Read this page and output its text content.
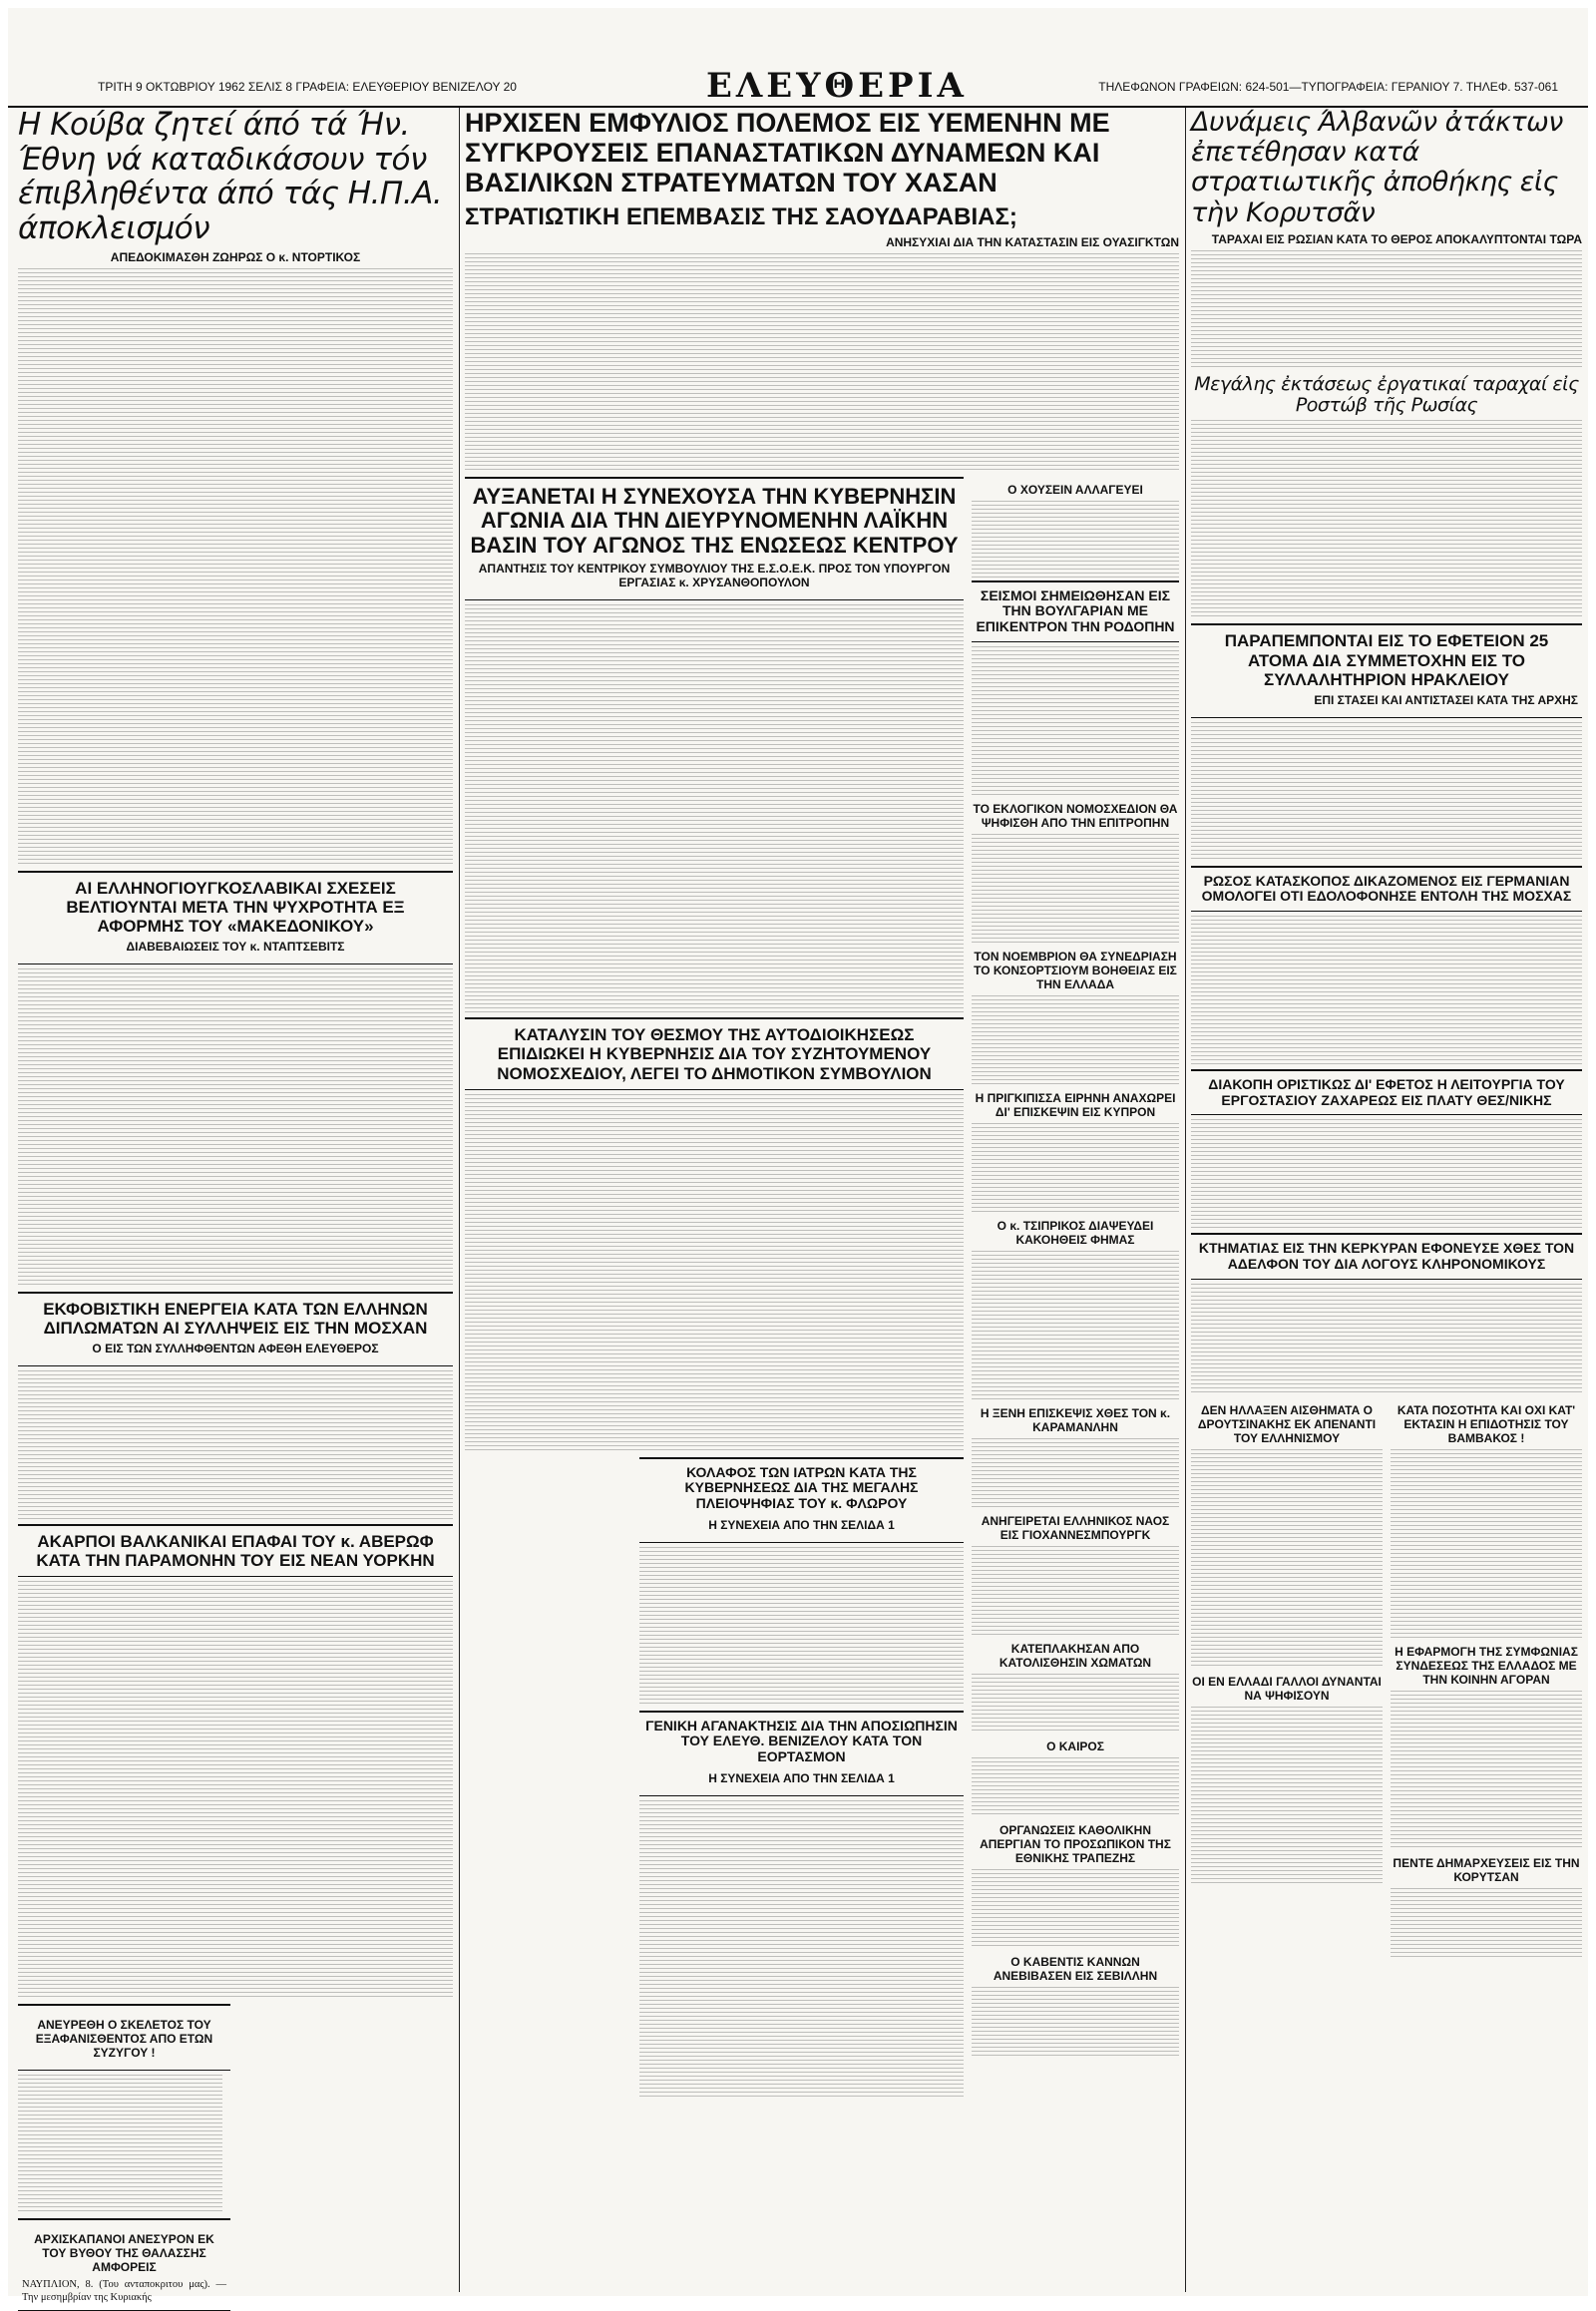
ΤΡΙΤΗ 9 ΟΚΤΩΒΡΙΟΥ 1962 ΣΕΛΙΣ 8 ΓΡΑΦΕΙΑ: ΕΛΕΥΘΕΡΙΟΥ ΒΕΝΙΖΕΛΟΥ 20	ΕΛΕΥΘΕΡΙΑ	ΤΗΛΕΦΩΝΟΝ ΓΡΑΦΕΙΩΝ: 624-501—ΤΥΠΟΓΡΑΦΕΙΑ: ΓΕΡΑΝΙΟΥ 7. ΤΗΛΕΦ. 537-061
Η Κούβα ζητεί άπό τά Ήν. Έθνη νά καταδικάσουν τόν έπιβληθέντα άπό τάς Η.Π.Α. άποκλεισμόν
ΑΠΕΔΟΚΙΜΑΣΘΗ ΖΩΗΡΩΣ Ο κ. ΝΤΟΡΤΙΚΟΣ
ΑΙ ΕΛΛΗΝΟΓΙΟΥΓΚΟΣΛΑΒΙΚΑΙ ΣΧΕΣΕΙΣ ΒΕΛΤΙΟΥΝΤΑΙ ΜΕΤΑ ΤΗΝ ΨΥΧΡΟΤΗΤΑ ΕΞ ΑΦΟΡΜΗΣ ΤΟΥ «ΜΑΚΕΔΟΝΙΚΟΥ»
ΔΙΑΒΕΒΑΙΩΣΕΙΣ ΤΟΥ κ. ΝΤΑΠΤΣΕΒΙΤΣ
ΕΚΦΟΒΙΣΤΙΚΗ ΕΝΕΡΓΕΙΑ ΚΑΤΑ ΤΩΝ ΕΛΛΗΝΩΝ ΔΙΠΛΩΜΑΤΩΝ ΑΙ ΣΥΛΛΗΨΕΙΣ ΕΙΣ ΤΗΝ ΜΟΣΧΑΝ
Ο ΕΙΣ ΤΩΝ ΣΥΛΛΗΦΘΕΝΤΩΝ ΑΦΕΘΗ ΕΛΕΥΘΕΡΟΣ
ΑΚΑΡΠΟΙ ΒΑΛΚΑΝΙΚΑΙ ΕΠΑΦΑΙ ΤΟΥ κ. ΑΒΕΡΩΦ ΚΑΤΑ ΤΗΝ ΠΑΡΑΜΟΝΗΝ ΤΟΥ ΕΙΣ ΝΕΑΝ ΥΟΡΚΗΝ
ΑΝΕΥΡΕΘΗ Ο ΣΚΕΛΕΤΟΣ ΤΟΥ ΕΞΑΦΑΝΙΣΘΕΝΤΟΣ ΑΠΟ ΕΤΩΝ ΣΥΖΥΓΟΥ !
ΑΡΧΙΣΚΑΠΑΝΟΙ ΑΝΕΣΥΡΟΝ ΕΚ ΤΟΥ ΒΥΘΟΥ ΤΗΣ ΘΑΛΑΣΣΗΣ ΑΜΦΟΡΕΙΣ

ΝΑΥΠΛΙΟΝ, 8. (Του ανταποκριτου μας). — Την μεσημβρίαν της Κυριακής

ΗΡΧΙΣΕΝ ΕΜΦΥΛΙΟΣ ΠΟΛΕΜΟΣ ΕΙΣ ΥΕΜΕΝΗΝ ΜΕ ΣΥΓΚΡΟΥΣΕΙΣ ΕΠΑΝΑΣΤΑΤΙΚΩΝ ΔΥΝΑΜΕΩΝ ΚΑΙ ΒΑΣΙΛΙΚΩΝ ΣΤΡΑΤΕΥΜΑΤΩΝ ΤΟΥ ΧΑΣΑΝ
ΣΤΡΑΤΙΩΤΙΚΗ ΕΠΕΜΒΑΣΙΣ ΤΗΣ ΣΑΟΥΔΑΡΑΒΙΑΣ;
ΑΝΗΣΥΧΙΑΙ ΔΙΑ ΤΗΝ ΚΑΤΑΣΤΑΣΙΝ ΕΙΣ ΟΥΑΣΙΓΚΤΩΝ
ΑΥΞΑΝΕΤΑΙ Η ΣΥΝΕΧΟΥΣΑ ΤΗΝ ΚΥΒΕΡΝΗΣΙΝ ΑΓΩΝΙΑ ΔΙΑ ΤΗΝ ΔΙΕΥΡΥΝΟΜΕΝΗΝ ΛΑΪΚΗΝ ΒΑΣΙΝ ΤΟΥ ΑΓΩΝΟΣ ΤΗΣ ΕΝΩΣΕΩΣ ΚΕΝΤΡΟΥ
ΑΠΑΝΤΗΣΙΣ ΤΟΥ ΚΕΝΤΡΙΚΟΥ ΣΥΜΒΟΥΛΙΟΥ ΤΗΣ Ε.Σ.Ο.Ε.Κ. ΠΡΟΣ ΤΟΝ ΥΠΟΥΡΓΟΝ ΕΡΓΑΣΙΑΣ κ. ΧΡΥΣΑΝΘΟΠΟΥΛΟΝ
ΚΑΤΑΛΥΣΙΝ ΤΟΥ ΘΕΣΜΟΥ ΤΗΣ ΑΥΤΟΔΙΟΙΚΗΣΕΩΣ ΕΠΙΔΙΩΚΕΙ Η ΚΥΒΕΡΝΗΣΙΣ ΔΙΑ ΤΟΥ ΣΥΖΗΤΟΥΜΕΝΟΥ ΝΟΜΟΣΧΕΔΙΟΥ, ΛΕΓΕΙ ΤΟ ΔΗΜΟΤΙΚΟΝ ΣΥΜΒΟΥΛΙΟΝ
ΚΟΛΑΦΟΣ ΤΩΝ ΙΑΤΡΩΝ ΚΑΤΑ ΤΗΣ ΚΥΒΕΡΝΗΣΕΩΣ ΔΙΑ ΤΗΣ ΜΕΓΑΛΗΣ ΠΛΕΙΟΨΗΦΙΑΣ ΤΟΥ κ. ΦΛΩΡΟΥ
Η ΣΥΝΕΧΕΙΑ ΑΠΟ ΤΗΝ ΣΕΛΙΔΑ 1
ΓΕΝΙΚΗ ΑΓΑΝΑΚΤΗΣΙΣ ΔΙΑ ΤΗΝ ΑΠΟΣΙΩΠΗΣΙΝ ΤΟΥ ΕΛΕΥΘ. ΒΕΝΙΖΕΛΟΥ ΚΑΤΑ ΤΟΝ ΕΟΡΤΑΣΜΟΝ
Η ΣΥΝΕΧΕΙΑ ΑΠΟ ΤΗΝ ΣΕΛΙΔΑ 1
Ο ΧΟΥΣΕΙΝ ΑΛΛΑΓΕΥΕΙ
ΣΕΙΣΜΟΙ ΣΗΜΕΙΩΘΗΣΑΝ ΕΙΣ ΤΗΝ ΒΟΥΛΓΑΡΙΑΝ ΜΕ ΕΠΙΚΕΝΤΡΟΝ ΤΗΝ ΡΟΔΟΠΗΝ
ΤΟ ΕΚΛΟΓΙΚΟΝ ΝΟΜΟΣΧΕΔΙΟΝ ΘΑ ΨΗΦΙΣΘΗ ΑΠΟ ΤΗΝ ΕΠΙΤΡΟΠΗΝ
ΤΟΝ ΝΟΕΜΒΡΙΟΝ ΘΑ ΣΥΝΕΔΡΙΑΣΗ ΤΟ ΚΟΝΣΟΡΤΣΙΟΥΜ ΒΟΗΘΕΙΑΣ ΕΙΣ ΤΗΝ ΕΛΛΑΔΑ
Η ΠΡΙΓΚΙΠΙΣΣΑ ΕΙΡΗΝΗ ΑΝΑΧΩΡΕΙ ΔΙ' ΕΠΙΣΚΕΨΙΝ ΕΙΣ ΚΥΠΡΟΝ
Ο κ. ΤΣΙΠΡΙΚΟΣ ΔΙΑΨΕΥΔΕΙ ΚΑΚΟΗΘΕΙΣ ΦΗΜΑΣ
Η ΞΕΝΗ ΕΠΙΣΚΕΨΙΣ ΧΘΕΣ ΤΟΝ κ. ΚΑΡΑΜΑΝΛΗΝ
ΑΝΗΓΕΙΡΕΤΑΙ ΕΛΛΗΝΙΚΟΣ ΝΑΟΣ ΕΙΣ ΓΙΟΧΑΝΝΕΣΜΠΟΥΡΓΚ
ΚΑΤΕΠΛΑΚΗΣΑΝ ΑΠΟ ΚΑΤΟΛΙΣΘΗΣΙΝ ΧΩΜΑΤΩΝ
Ο ΚΑΙΡΟΣ
ΟΡΓΑΝΩΣΕΙΣ ΚΑΘΟΛΙΚΗΝ ΑΠΕΡΓΙΑΝ ΤΟ ΠΡΟΣΩΠΙΚΟΝ ΤΗΣ ΕΘΝΙΚΗΣ ΤΡΑΠΕΖΗΣ
Ο ΚΑΒΕΝΤΙΣ ΚΑΝΝΩΝ ΑΝΕΒΙΒΑΣΕΝ ΕΙΣ ΣΕΒΙΛΛΗΝ
Δυνάμεις Άλβανῶν ἀτάκτων ἐπετέθησαν κατά στρατιωτικῆς ἀποθήκης εἰς τὴν Κορυτσᾶν
ΤΑΡΑΧΑΙ ΕΙΣ ΡΩΣΙΑΝ ΚΑΤΑ ΤΟ ΘΕΡΟΣ ΑΠΟΚΑΛΥΠΤΟΝΤΑΙ ΤΩΡΑ
Μεγάλης ἐκτάσεως ἐργατικαί ταραχαί εἰς Ροστώβ τῆς Ρωσίας
ΠΑΡΑΠΕΜΠΟΝΤΑΙ ΕΙΣ ΤΟ ΕΦΕΤΕΙΟΝ 25 ΑΤΟΜΑ ΔΙΑ ΣΥΜΜΕΤΟΧΗΝ ΕΙΣ ΤΟ ΣΥΛΛΑΛΗΤΗΡΙΟΝ ΗΡΑΚΛΕΙΟΥ
ΕΠΙ ΣΤΑΣΕΙ ΚΑΙ ΑΝΤΙΣΤΑΣΕΙ ΚΑΤΑ ΤΗΣ ΑΡΧΗΣ
ΡΩΣΟΣ ΚΑΤΑΣΚΟΠΟΣ ΔΙΚΑΖΟΜΕΝΟΣ ΕΙΣ ΓΕΡΜΑΝΙΑΝ ΟΜΟΛΟΓΕΙ ΟΤΙ ΕΔΟΛΟΦΟΝΗΣΕ ΕΝΤΟΛΗ ΤΗΣ ΜΟΣΧΑΣ
ΔΙΑΚΟΠΗ ΟΡΙΣΤΙΚΩΣ ΔΙ' ΕΦΕΤΟΣ Η ΛΕΙΤΟΥΡΓΙΑ ΤΟΥ ΕΡΓΟΣΤΑΣΙΟΥ ΖΑΧΑΡΕΩΣ ΕΙΣ ΠΛΑΤΥ ΘΕΣ/ΝΙΚΗΣ
ΚΤΗΜΑΤΙΑΣ ΕΙΣ ΤΗΝ ΚΕΡΚΥΡΑΝ ΕΦΟΝΕΥΣΕ ΧΘΕΣ ΤΟΝ ΑΔΕΛΦΟΝ ΤΟΥ ΔΙΑ ΛΟΓΟΥΣ ΚΛΗΡΟΝΟΜΙΚΟΥΣ
ΔΕΝ ΗΛΛΑΞΕΝ ΑΙΣΘΗΜΑΤΑ Ο ΔΡΟΥΤΣΙΝΑΚΗΣ ΕΚ ΑΠΕΝΑΝΤΙ ΤΟΥ ΕΛΛΗΝΙΣΜΟΥ
ΟΙ ΕΝ ΕΛΛΑΔΙ ΓΑΛΛΟΙ ΔΥΝΑΝΤΑΙ ΝΑ ΨΗΦΙΣΟΥΝ
ΚΑΤΑ ΠΟΣΟΤΗΤΑ ΚΑΙ ΟΧΙ ΚΑΤ' ΕΚΤΑΣΙΝ Η ΕΠΙΔΟΤΗΣΙΣ ΤΟΥ ΒΑΜΒΑΚΟΣ !
Η ΕΦΑΡΜΟΓΗ ΤΗΣ ΣΥΜΦΩΝΙΑΣ ΣΥΝΔΕΣΕΩΣ ΤΗΣ ΕΛΛΑΔΟΣ ΜΕ ΤΗΝ ΚΟΙΝΗΝ ΑΓΟΡΑΝ
ΠΕΝΤΕ ΔΗΜΑΡΧΕΥΣΕΙΣ ΕΙΣ ΤΗΝ ΚΟΡΥΤΣΑΝ
